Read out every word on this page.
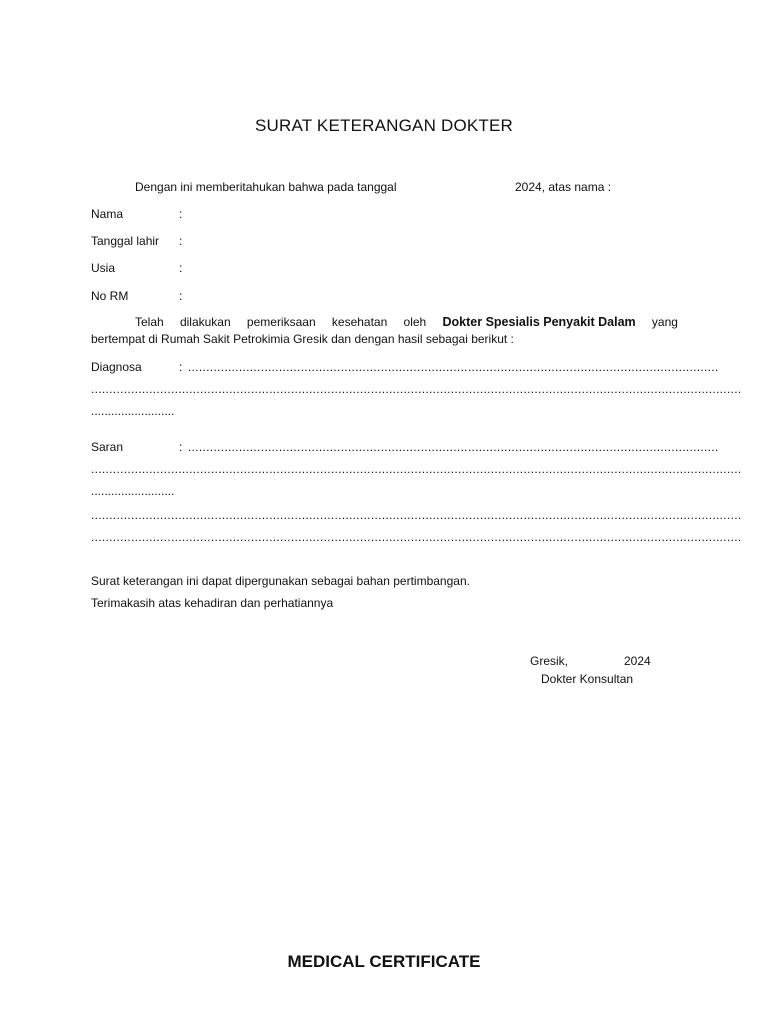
SURAT KETERANGAN DOKTER
Dengan ini memberitahukan bahwa pada tanggal	2024, atas nama :
Nama	:
Tanggal lahir :
Usia	:
No RM	:
Telah dilakukan pemeriksaan kesehatan oleh Dokter Spesialis Penyakit Dalam yang
bertempat di Rumah Sakit Petrokimia Gresik dan dengan hasil sebagai berikut :
Diagnosa	: ..................................................................................................................................................
...................................................................................................................................................................................
.........................
Saran	: ..................................................................................................................................................
...................................................................................................................................................................................
.........................
...................................................................................................................................................................................
...................................................................................................................................................................................
Surat keterangan ini dapat dipergunakan sebagai bahan pertimbangan.
Terimakasih atas kehadiran dan perhatiannya
Gresik,	2024
Dokter Konsultan
MEDICAL CERTIFICATE
